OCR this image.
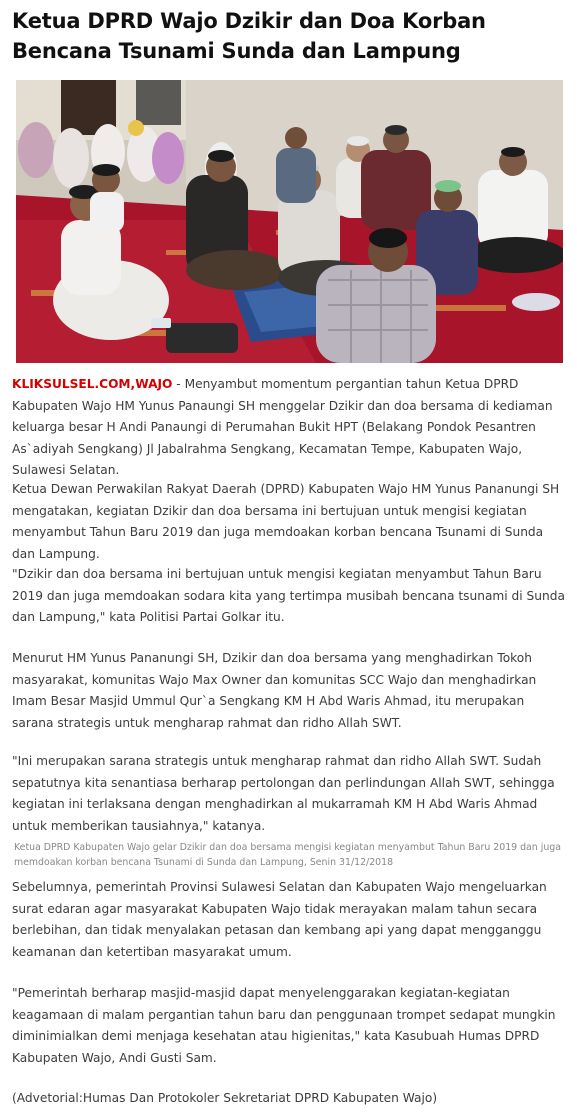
Ketua DPRD Wajo Dzikir dan Doa Korban Bencana Tsunami Sunda dan Lampung

KLIKSULSEL.COM,WAJO - Menyambut momentum pergantian tahun Ketua DPRD Kabupaten Wajo HM Yunus Panaungi SH menggelar Dzikir dan doa bersama di kediaman keluarga besar H Andi Panaungi di Perumahan Bukit HPT (Belakang Pondok Pesantren As`adiyah Sengkang) Jl Jabalrahma Sengkang, Kecamatan Tempe, Kabupaten Wajo, Sulawesi Selatan.

Ketua Dewan Perwakilan Rakyat Daerah (DPRD) Kabupaten Wajo HM Yunus Pananungi SH mengatakan, kegiatan Dzikir dan doa bersama ini bertujuan untuk mengisi kegiatan menyambut Tahun Baru 2019 dan juga memdoakan korban bencana Tsunami di Sunda dan Lampung.

"Dzikir dan doa bersama ini bertujuan untuk mengisi kegiatan menyambut Tahun Baru 2019 dan juga memdoakan sodara kita yang tertimpa musibah bencana tsunami di Sunda dan Lampung," kata Politisi Partai Golkar itu.

Menurut HM Yunus Pananungi SH, Dzikir dan doa bersama yang menghadirkan Tokoh masyarakat, komunitas Wajo Max Owner dan komunitas SCC Wajo dan menghadirkan Imam Besar Masjid Ummul Qur`a Sengkang KM H Abd Waris Ahmad, itu merupakan sarana strategis untuk mengharap rahmat dan ridho Allah SWT.

"Ini merupakan sarana strategis untuk mengharap rahmat dan ridho Allah SWT. Sudah sepatutnya kita senantiasa berharap pertolongan dan perlindungan Allah SWT, sehingga kegiatan ini terlaksana dengan menghadirkan al mukarramah KM H Abd Waris Ahmad untuk memberikan tausiahnya," katanya.

Ketua DPRD Kabupaten Wajo gelar Dzikir dan doa bersama mengisi kegiatan menyambut Tahun Baru 2019 dan juga memdoakan korban bencana Tsunami di Sunda dan Lampung, Senin 31/12/2018

Sebelumnya, pemerintah Provinsi Sulawesi Selatan dan Kabupaten Wajo mengeluarkan surat edaran agar masyarakat Kabupaten Wajo tidak merayakan malam tahun secara berlebihan, dan tidak menyalakan petasan dan kembang api yang dapat mengganggu keamanan dan ketertiban masyarakat umum.

"Pemerintah berharap masjid-masjid dapat menyelenggarakan kegiatan-kegiatan keagamaan di malam pergantian tahun baru dan penggunaan trompet sedapat mungkin diminimialkan demi menjaga kesehatan atau higienitas," kata Kasubuah Humas DPRD Kabupaten Wajo, Andi Gusti Sam.

(Advetorial:Humas Dan Protokoler Sekretariat DPRD Kabupaten Wajo)
